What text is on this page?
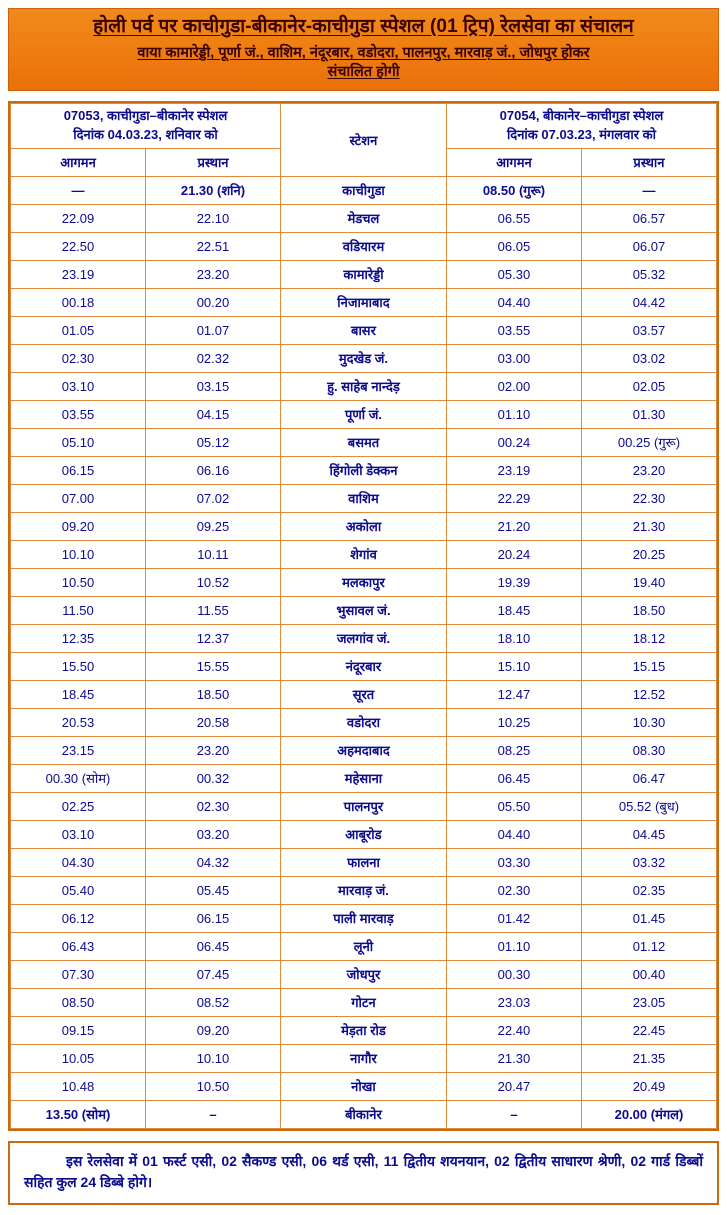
होली पर्व पर काचीगुडा-बीकानेर-काचीगुडा स्पेशल (01 ट्रिप) रेलसेवा का संचालन
वाया कामारेड्डी, पूर्णा जं., वाशिम, नंदूरबार, वडोदरा, पालनपुर, मारवाड़ जं., जोधपुर होकर
संचालित होगी
07053, काचीगुडा–बीकानेर स्पेशल
दिनांक 04.03.23, शनिवार को		स्टेशन	07054, बीकानेर–काचीगुडा स्पेशल
दिनांक 07.03.23, मंगलवार को	
आगमन	प्रस्थान		आगमन	प्रस्थान
—	21.30 (शनि)	काचीगुडा	08.50 (गुरू)	—
22.09	22.10	मेडचल	06.55	06.57
22.50	22.51	वडियारम	06.05	06.07
23.19	23.20	कामारेड्डी	05.30	05.32
00.18	00.20	निजामाबाद	04.40	04.42
01.05	01.07	बासर	03.55	03.57
02.30	02.32	मुदखेड जं.	03.00	03.02
03.10	03.15	हु. साहेब नान्देड़	02.00	02.05
03.55	04.15	पूर्णा जं.	01.10	01.30
05.10	05.12	बसमत	00.24	00.25 (गुरू)
06.15	06.16	हिंगोली डेक्कन	23.19	23.20
07.00	07.02	वाशिम	22.29	22.30
09.20	09.25	अकोला	21.20	21.30
10.10	10.11	शेगांव	20.24	20.25
10.50	10.52	मलकापुर	19.39	19.40
11.50	11.55	भुसावल जं.	18.45	18.50
12.35	12.37	जलगांव जं.	18.10	18.12
15.50	15.55	नंदूरबार	15.10	15.15
18.45	18.50	सूरत	12.47	12.52
20.53	20.58	वडोदरा	10.25	10.30
23.15	23.20	अहमदाबाद	08.25	08.30
00.30 (सोम)	00.32	महेसाना	06.45	06.47
02.25	02.30	पालनपुर	05.50	05.52 (बुध)
03.10	03.20	आबूरोड	04.40	04.45
04.30	04.32	फालना	03.30	03.32
05.40	05.45	मारवाड़ जं.	02.30	02.35
06.12	06.15	पाली मारवाड़	01.42	01.45
06.43	06.45	लूनी	01.10	01.12
07.30	07.45	जोधपुर	00.30	00.40
08.50	08.52	गोटन	23.03	23.05
09.15	09.20	मेड़ता रोड	22.40	22.45
10.05	10.10	नागौर	21.30	21.35
10.48	10.50	नोखा	20.47	20.49
13.50 (सोम)	–	बीकानेर	–	20.00 (मंगल)
इस रेलसेवा में 01 फर्स्ट एसी, 02 सैकण्ड एसी, 06 थर्ड एसी, 11 द्वितीय शयनयान, 02 द्वितीय साधारण श्रेणी, 02 गार्ड डिब्बों सहित कुल 24 डिब्बे होगे।
